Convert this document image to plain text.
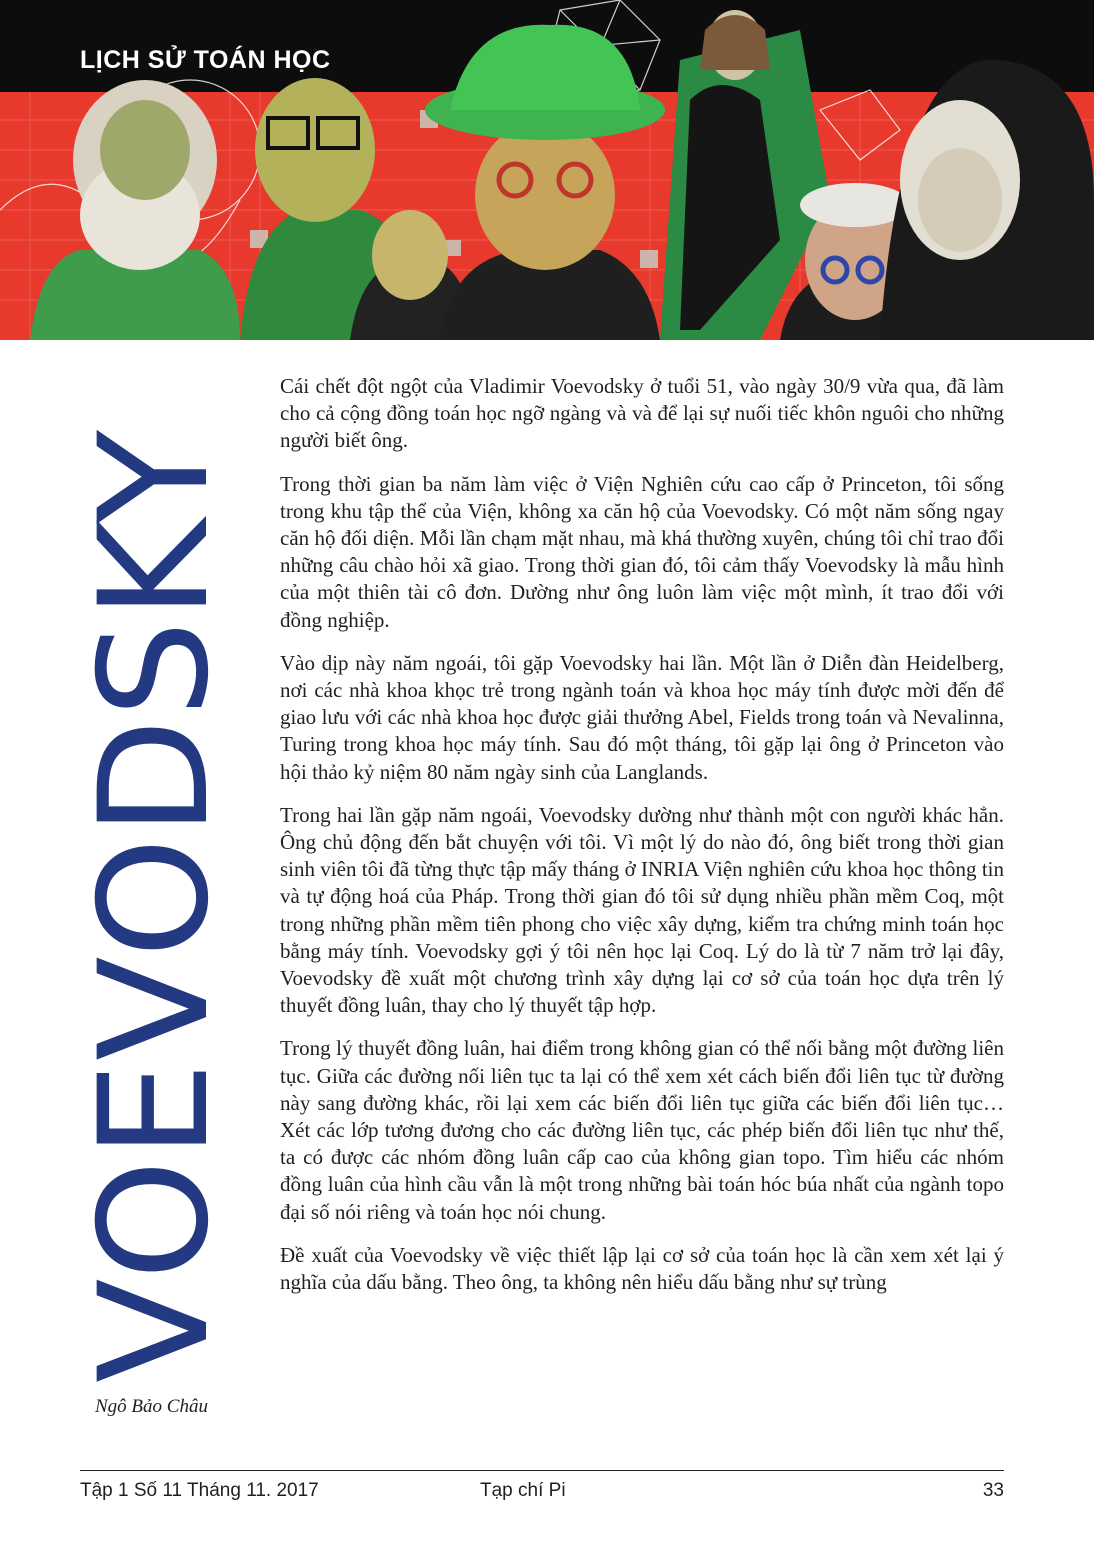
LỊCH SỬ TOÁN HỌC
VOEVODSKY

Ngô Bảo Châu

Cái chết đột ngột của Vladimir Voevodsky ở tuổi 51, vào ngày 30/9 vừa qua, đã làm cho cả cộng đồng toán học ngỡ ngàng và và để lại sự nuối tiếc khôn nguôi cho những người biết ông.

Trong thời gian ba năm làm việc ở Viện Nghiên cứu cao cấp ở Princeton, tôi sống trong khu tập thể của Viện, không xa căn hộ của Voevodsky. Có một năm sống ngay căn hộ đối diện. Mỗi lần chạm mặt nhau, mà khá thường xuyên, chúng tôi chỉ trao đổi những câu chào hỏi xã giao. Trong thời gian đó, tôi cảm thấy Voevodsky là mẫu hình của một thiên tài cô đơn. Dường như ông luôn làm việc một mình, ít trao đổi với đồng nghiệp.

Vào dịp này năm ngoái, tôi gặp Voevodsky hai lần. Một lần ở Diễn đàn Heidelberg, nơi các nhà khoa khọc trẻ trong ngành toán và khoa học máy tính được mời đến để giao lưu với các nhà khoa học được giải thưởng Abel, Fields trong toán và Nevalinna, Turing trong khoa học máy tính. Sau đó một tháng, tôi gặp lại ông ở Princeton vào hội thảo kỷ niệm 80 năm ngày sinh của Langlands.

Trong hai lần gặp năm ngoái, Voevodsky dường như thành một con người khác hẳn. Ông chủ động đến bắt chuyện với tôi. Vì một lý do nào đó, ông biết trong thời gian sinh viên tôi đã từng thực tập mấy tháng ở INRIA Viện nghiên cứu khoa học thông tin và tự động hoá của Pháp. Trong thời gian đó tôi sử dụng nhiều phần mềm Coq, một trong những phần mềm tiên phong cho việc xây dựng, kiểm tra chứng minh toán học bằng máy tính. Voevodsky gợi ý tôi nên học lại Coq. Lý do là từ 7 năm trở lại đây, Voevodsky đề xuất một chương trình xây dựng lại cơ sở của toán học dựa trên lý thuyết đồng luân, thay cho lý thuyết tập hợp.

Trong lý thuyết đồng luân, hai điểm trong không gian có thể nối bằng một đường liên tục. Giữa các đường nối liên tục ta lại có thể xem xét cách biến đổi liên tục từ đường này sang đường khác, rồi lại xem các biến đổi liên tục giữa các biến đổi liên tục… Xét các lớp tương đương cho các đường liên tục, các phép biến đổi liên tục như thế, ta có được các nhóm đồng luân cấp cao của không gian topo. Tìm hiểu các nhóm đồng luân của hình cầu vẫn là một trong những bài toán hóc búa nhất của ngành topo đại số nói riêng và toán học nói chung.

Đề xuất của Voevodsky về việc thiết lập lại cơ sở của toán học là cần xem xét lại ý nghĩa của dấu bằng. Theo ông, ta không nên hiểu dấu bằng như sự trùng

Tập 1 Số 11 Tháng 11. 2017	Tạp chí Pi	33
